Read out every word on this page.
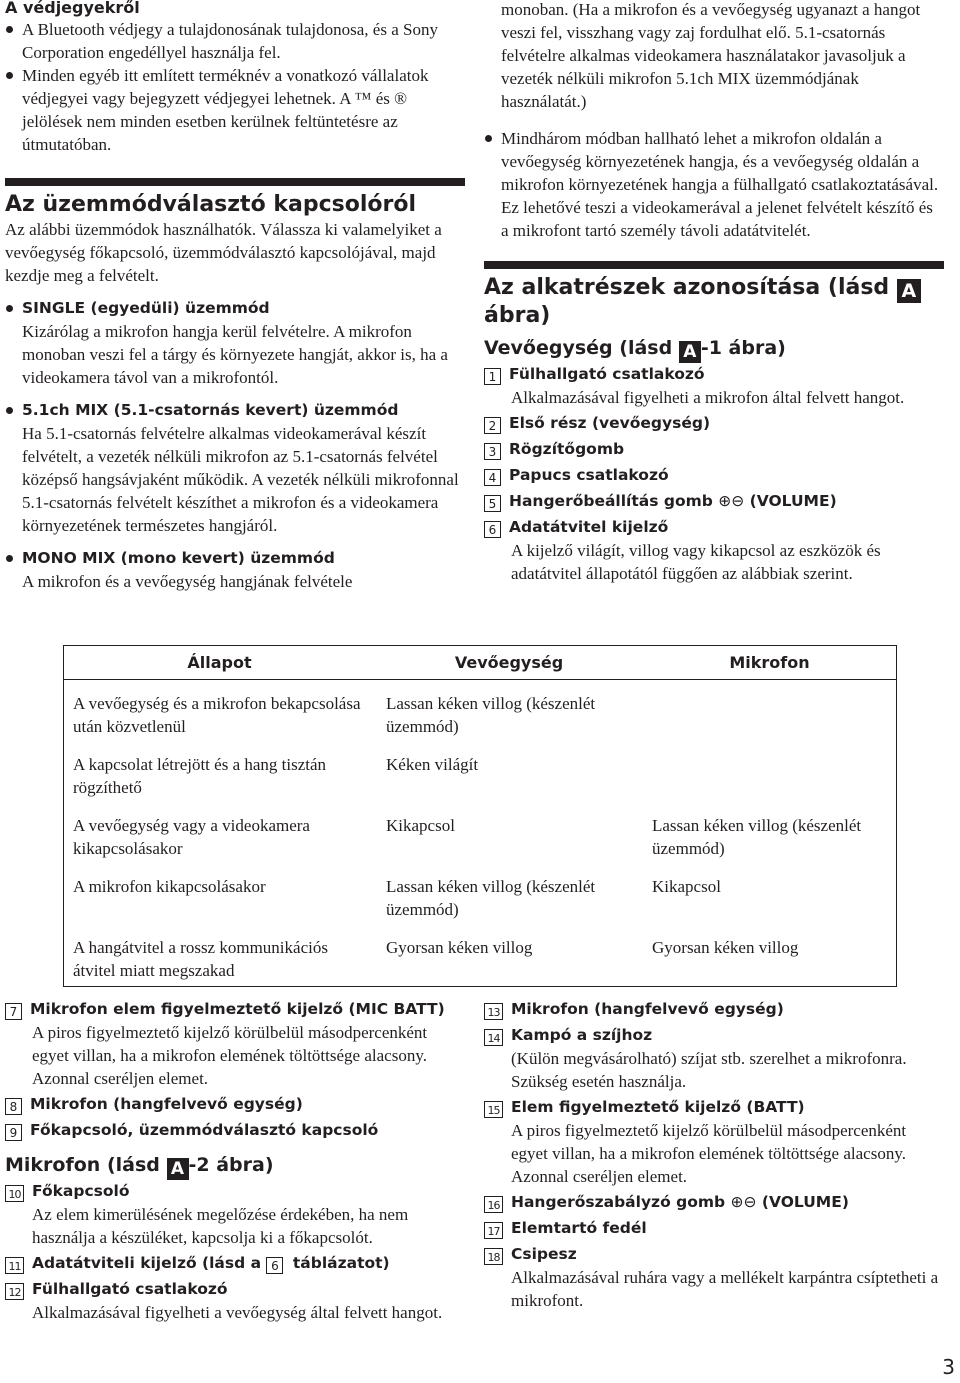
A védjegyekről

A Bluetooth védjegy a tulajdonosának tulajdonosa, és a Sony Corporation engedéllyel használja fel.

Minden egyéb itt említett terméknév a vonatkozó vállalatok védjegyei vagy bejegyzett védjegyei lehetnek. A ™ és ® jelölések nem minden esetben kerülnek feltüntetésre az útmutatóban.

Az üzemmódválasztó kapcsolóról

Az alábbi üzemmódok használhatók. Válassza ki valamelyiket a vevőegység főkapcsoló, üzemmódválasztó kapcsolójával, majd kezdje meg a felvételt.

SINGLE (egyedüli) üzemmód

Kizárólag a mikrofon hangja kerül felvételre. A mikrofon monoban veszi fel a tárgy és környezete hangját, akkor is, ha a videokamera távol van a mikrofontól.

5.1ch MIX (5.1-csatornás kevert) üzemmód

Ha 5.1-csatornás felvételre alkalmas videokamerával készít felvételt, a vezeték nélküli mikrofon az 5.1-csatornás felvétel középső hangsávjaként működik. A vezeték nélküli mikrofonnal 5.1-csatornás felvételt készíthet a mikrofon és a videokamera környezetének természetes hangjáról.

MONO MIX (mono kevert) üzemmód

A mikrofon és a vevőegység hangjának felvétele

monoban. (Ha a mikrofon és a vevőegység ugyanazt a hangot veszi fel, visszhang vagy zaj fordulhat elő. 5.1-csatornás felvételre alkalmas videokamera használatakor javasoljuk a vezeték nélküli mikrofon 5.1ch MIX üzemmódjának használatát.)

Mindhárom módban hallható lehet a mikrofon oldalán a vevőegység környezetének hangja, és a vevőegység oldalán a mikrofon környezetének hangja a fülhallgató csatlakoztatásával. Ez lehetővé teszi a videokamerával a jelenet felvételt készítő és a mikrofont tartó személy távoli adatátvitelét.

Az alkatrészek azonosítása (lásd A
ábra)

Vevőegység (lásd A -1 ábra)

1 Fülhallgató csatlakozó

Alkalmazásával figyelheti a mikrofon által felvett hangot.

2 Első rész (vevőegység)

3 Rögzítőgomb

4 Papucs csatlakozó

5 Hangerőbeállítás gomb ⊕⊖ (VOLUME)

6 Adatátvitel kijelző

A kijelző világít, villog vagy kikapcsol az eszközök és adatátvitel állapotától függően az alábbiak szerint.

Állapot	Vevőegység	Mikrofon
A vevőegység és a mikrofon bekapcsolása után közvetlenül	Lassan kéken villog (készenlét üzemmód)	
A kapcsolat létrejött és a hang tisztán rögzíthető	Kéken világít	
A vevőegység vagy a videokamera kikapcsolásakor	Kikapcsol	Lassan kéken villog (készenlét üzemmód)
A mikrofon kikapcsolásakor	Lassan kéken villog (készenlét üzemmód)	Kikapcsol
A hangátvitel a rossz kommunikációs átvitel miatt megszakad	Gyorsan kéken villog	Gyorsan kéken villog

7 Mikrofon elem figyelmeztető kijelző (MIC BATT)

A piros figyelmeztető kijelző körülbelül másodpercenként egyet villan, ha a mikrofon elemének töltöttsége alacsony. Azonnal cseréljen elemet.

8 Mikrofon (hangfelvevő egység)

9 Főkapcsoló, üzemmódválasztó kapcsoló

Mikrofon (lásd A -2 ábra)

10 Főkapcsoló

Az elem kimerülésének megelőzése érdekében, ha nem használja a készüléket, kapcsolja ki a főkapcsolót.

11 Adatátviteli kijelző (lásd a 6 táblázatot)

12 Fülhallgató csatlakozó

Alkalmazásával figyelheti a vevőegység által felvett hangot.

13 Mikrofon (hangfelvevő egység)

14 Kampó a szíjhoz

(Külön megvásárolható) szíjat stb. szerelhet a mikrofonra.

Szükség esetén használja.

15 Elem figyelmeztető kijelző (BATT)

A piros figyelmeztető kijelző körülbelül másodpercenként egyet villan, ha a mikrofon elemének töltöttsége alacsony. Azonnal cseréljen elemet.

16 Hangerőszabályzó gomb ⊕⊖ (VOLUME)

17 Elemtartó fedél

18 Csipesz

Alkalmazásával ruhára vagy a mellékelt karpántra csíptetheti a mikrofont.

3
